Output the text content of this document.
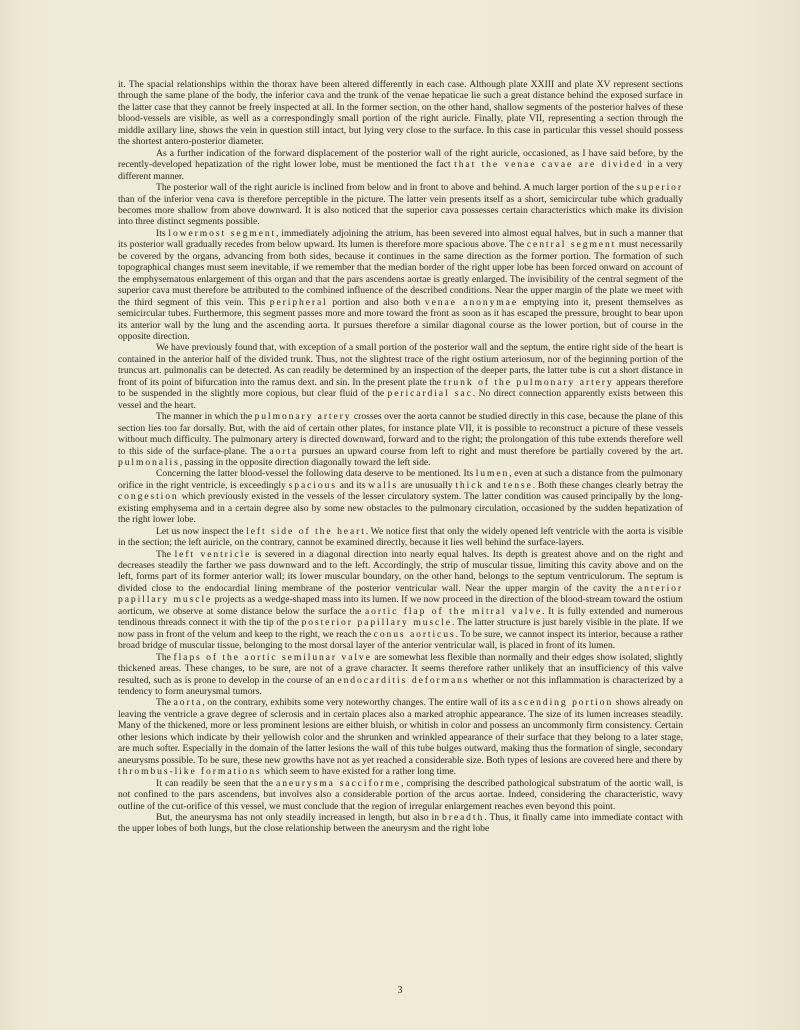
it. The spacial relationships within the thorax have been altered differently in each case. Although plate XXIII and plate XV represent sections through the same plane of the body, the inferior cava and the trunk of the venae hepaticae lie such a great distance behind the exposed surface in the latter case that they cannot be freely inspected at all. In the former section, on the other hand, shallow segments of the posterior halves of these blood-vessels are visible, as well as a correspondingly small portion of the right auricle. Finally, plate VII, representing a section through the middle axillary line, shows the vein in question still intact, but lying very close to the surface. In this case in particular this vessel should possess the shortest antero-posterior diameter.

As a further indication of the forward displacement of the posterior wall of the right auricle, occasioned, as I have said before, by the recently-developed hepatization of the right lower lobe, must be mentioned the fact that the venae cavae are divided in a very different manner.

The posterior wall of the right auricle is inclined from below and in front to above and behind. A much larger portion of the superior than of the inferior vena cava is therefore perceptible in the picture. The latter vein presents itself as a short, semicircular tube which gradually becomes more shallow from above downward. It is also noticed that the superior cava possesses certain characteristics which make its division into three distinct segments possible.

Its lowermost segment, immediately adjoining the atrium, has been severed into almost equal halves, but in such a manner that its posterior wall gradually recedes from below upward. Its lumen is therefore more spacious above. The central segment must necessarily be covered by the organs, advancing from both sides, because it continues in the same direction as the former portion. The formation of such topographical changes must seem inevitable, if we remember that the median border of the right upper lobe has been forced onward on account of the emphysematous enlargement of this organ and that the pars ascendens aortae is greatly enlarged. The invisibility of the central segment of the superior cava must therefore be attributed to the combined influence of the described conditions. Near the upper margin of the plate we meet with the third segment of this vein. This peripheral portion and also both venae anonymae emptying into it, present themselves as semicircular tubes. Furthermore, this segment passes more and more toward the front as soon as it has escaped the pressure, brought to bear upon its anterior wall by the lung and the ascending aorta. It pursues therefore a similar diagonal course as the lower portion, but of course in the opposite direction.

We have previously found that, with exception of a small portion of the posterior wall and the septum, the entire right side of the heart is contained in the anterior half of the divided trunk. Thus, not the slightest trace of the right ostium arteriosum, nor of the beginning portion of the truncus art. pulmonalis can be detected. As can readily be determined by an inspection of the deeper parts, the latter tube is cut a short distance in front of its point of bifurcation into the ramus dext. and sin. In the present plate the trunk of the pulmonary artery appears therefore to be suspended in the slightly more copious, but clear fluid of the pericardial sac. No direct connection apparently exists between this vessel and the heart.

The manner in which the pulmonary artery crosses over the aorta cannot be studied directly in this case, because the plane of this section lies too far dorsally. But, with the aid of certain other plates, for instance plate VII, it is possible to reconstruct a picture of these vessels without much difficulty. The pulmonary artery is directed downward, forward and to the right; the prolongation of this tube extends therefore well to this side of the surface-plane. The aorta pursues an upward course from left to right and must therefore be partially covered by the art. pulmonalis, passing in the opposite direction diagonally toward the left side.

Concerning the latter blood-vessel the following data deserve to be mentioned. Its lumen, even at such a distance from the pulmonary orifice in the right ventricle, is exceedingly spacious and its walls are unusually thick and tense. Both these changes clearly betray the congestion which previously existed in the vessels of the lesser circulatory system. The latter condition was caused principally by the long-existing emphysema and in a certain degree also by some new obstacles to the pulmonary circulation, occasioned by the sudden hepatization of the right lower lobe.

Let us now inspect the left side of the heart. We notice first that only the widely opened left ventricle with the aorta is visible in the section; the left auricle, on the contrary, cannot be examined directly, because it lies well behind the surface-layers.

The left ventricle is severed in a diagonal direction into nearly equal halves. Its depth is greatest above and on the right and decreases steadily the farther we pass downward and to the left. Accordingly, the strip of muscular tissue, limiting this cavity above and on the left, forms part of its former anterior wall; its lower muscular boundary, on the other hand, belongs to the septum ventriculorum. The septum is divided close to the endocardial lining membrane of the posterior ventricular wall. Near the upper margin of the cavity the anterior papillary muscle projects as a wedge-shaped mass into its lumen. If we now proceed in the direction of the blood-stream toward the ostium aorticum, we observe at some distance below the surface the aortic flap of the mitral valve. It is fully extended and numerous tendinous threads connect it with the tip of the posterior papillary muscle. The latter structure is just barely visible in the plate. If we now pass in front of the velum and keep to the right, we reach the conus aorticus. To be sure, we cannot inspect its interior, because a rather broad bridge of muscular tissue, belonging to the most dorsal layer of the anterior ventricular wall, is placed in front of its lumen.

The flaps of the aortic semilunar valve are somewhat less flexible than normally and their edges show isolated, slightly thickened areas. These changes, to be sure, are not of a grave character. It seems therefore rather unlikely that an insufficiency of this valve resulted, such as is prone to develop in the course of an endocarditis deformans whether or not this inflammation is characterized by a tendency to form aneurysmal tumors.

The aorta, on the contrary, exhibits some very noteworthy changes. The entire wall of its ascending portion shows already on leaving the ventricle a grave degree of sclerosis and in certain places also a marked atrophic appearance. The size of its lumen increases steadily. Many of the thickened, more or less prominent lesions are either bluish, or whitish in color and possess an uncommonly firm consistency. Certain other lesions which indicate by their yellowish color and the shrunken and wrinkled appearance of their surface that they belong to a later stage, are much softer. Especially in the domain of the latter lesions the wall of this tube bulges outward, making thus the formation of single, secondary aneurysms possible. To be sure, these new growths have not as yet reached a considerable size. Both types of lesions are covered here and there by thrombus-like formations which seem to have existed for a rather long time.

It can readily be seen that the aneurysma sacciforme, comprising the described pathological substratum of the aortic wall, is not confined to the pars ascendens, but involves also a considerable portion of the arcus aortae. Indeed, considering the characteristic, wavy outline of the cut-orifice of this vessel, we must conclude that the region of irregular enlargement reaches even beyond this point.

But, the aneurysma has not only steadily increased in length, but also in breadth. Thus, it finally came into immediate contact with the upper lobes of both lungs, but the close relationship between the aneurysm and the right lobe

3
